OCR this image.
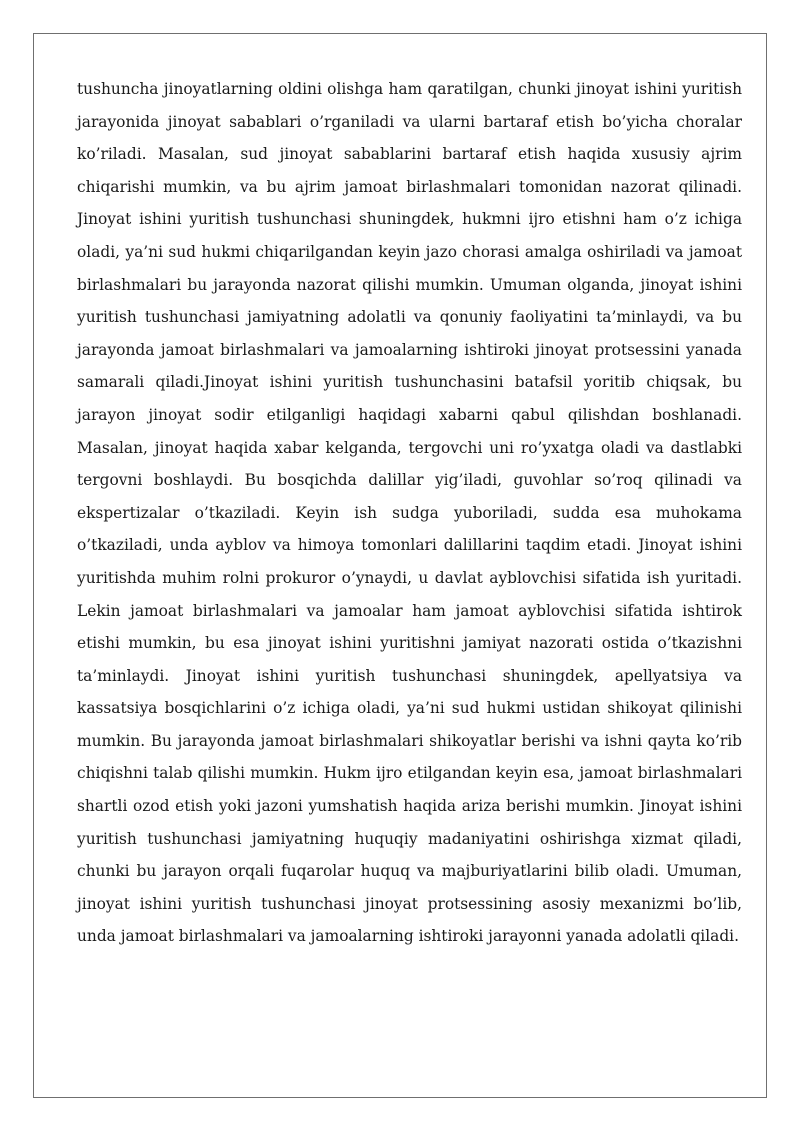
tushuncha jinoyatlarning oldini olishga ham qaratilgan, chunki jinoyat ishini yuritish jarayonida jinoyat sabablari o’rganiladi va ularni bartaraf etish bo’yicha choralar ko’riladi. Masalan, sud jinoyat sabablarini bartaraf etish haqida xususiy ajrim chiqarishi mumkin, va bu ajrim jamoat birlashmalari tomonidan nazorat qilinadi. Jinoyat ishini yuritish tushunchasi shuningdek, hukmni ijro etishni ham o’z ichiga oladi, ya’ni sud hukmi chiqarilgandan keyin jazo chorasi amalga oshiriladi va jamoat birlashmalari bu jarayonda nazorat qilishi mumkin. Umuman olganda, jinoyat ishini yuritish tushunchasi jamiyatning adolatli va qonuniy faoliyatini ta’minlaydi, va bu jarayonda jamoat birlashmalari va jamoalarning ishtiroki jinoyat protsessini yanada samarali qiladi.Jinoyat ishini yuritish tushunchasini batafsil yoritib chiqsak, bu jarayon jinoyat sodir etilganligi haqidagi xabarni qabul qilishdan boshlanadi. Masalan, jinoyat haqida xabar kelganda, tergovchi uni ro’yxatga oladi va dastlabki tergovni boshlaydi. Bu bosqichda dalillar yig’iladi, guvohlar so’roq qilinadi va ekspertizalar o’tkaziladi. Keyin ish sudga yuboriladi, sudda esa muhokama o’tkaziladi, unda ayblov va himoya tomonlari dalillarini taqdim etadi. Jinoyat ishini yuritishda muhim rolni prokuror o’ynaydi, u davlat ayblovchisi sifatida ish yuritadi. Lekin jamoat birlashmalari va jamoalar ham jamoat ayblovchisi sifatida ishtirok etishi mumkin, bu esa jinoyat ishini yuritishni jamiyat nazorati ostida o’tkazishni ta’minlaydi. Jinoyat ishini yuritish tushunchasi shuningdek, apellyatsiya va kassatsiya bosqichlarini o’z ichiga oladi, ya’ni sud hukmi ustidan shikoyat qilinishi mumkin. Bu jarayonda jamoat birlashmalari shikoyatlar berishi va ishni qayta ko’rib chiqishni talab qilishi mumkin. Hukm ijro etilgandan keyin esa, jamoat birlashmalari shartli ozod etish yoki jazoni yumshatish haqida ariza berishi mumkin. Jinoyat ishini yuritish tushunchasi jamiyatning huquqiy madaniyatini oshirishga xizmat qiladi, chunki bu jarayon orqali fuqarolar huquq va majburiyatlarini bilib oladi. Umuman, jinoyat ishini yuritish tushunchasi jinoyat protsessining asosiy mexanizmi bo’lib, unda jamoat birlashmalari va jamoalarning ishtiroki jarayonni yanada adolatli qiladi.
